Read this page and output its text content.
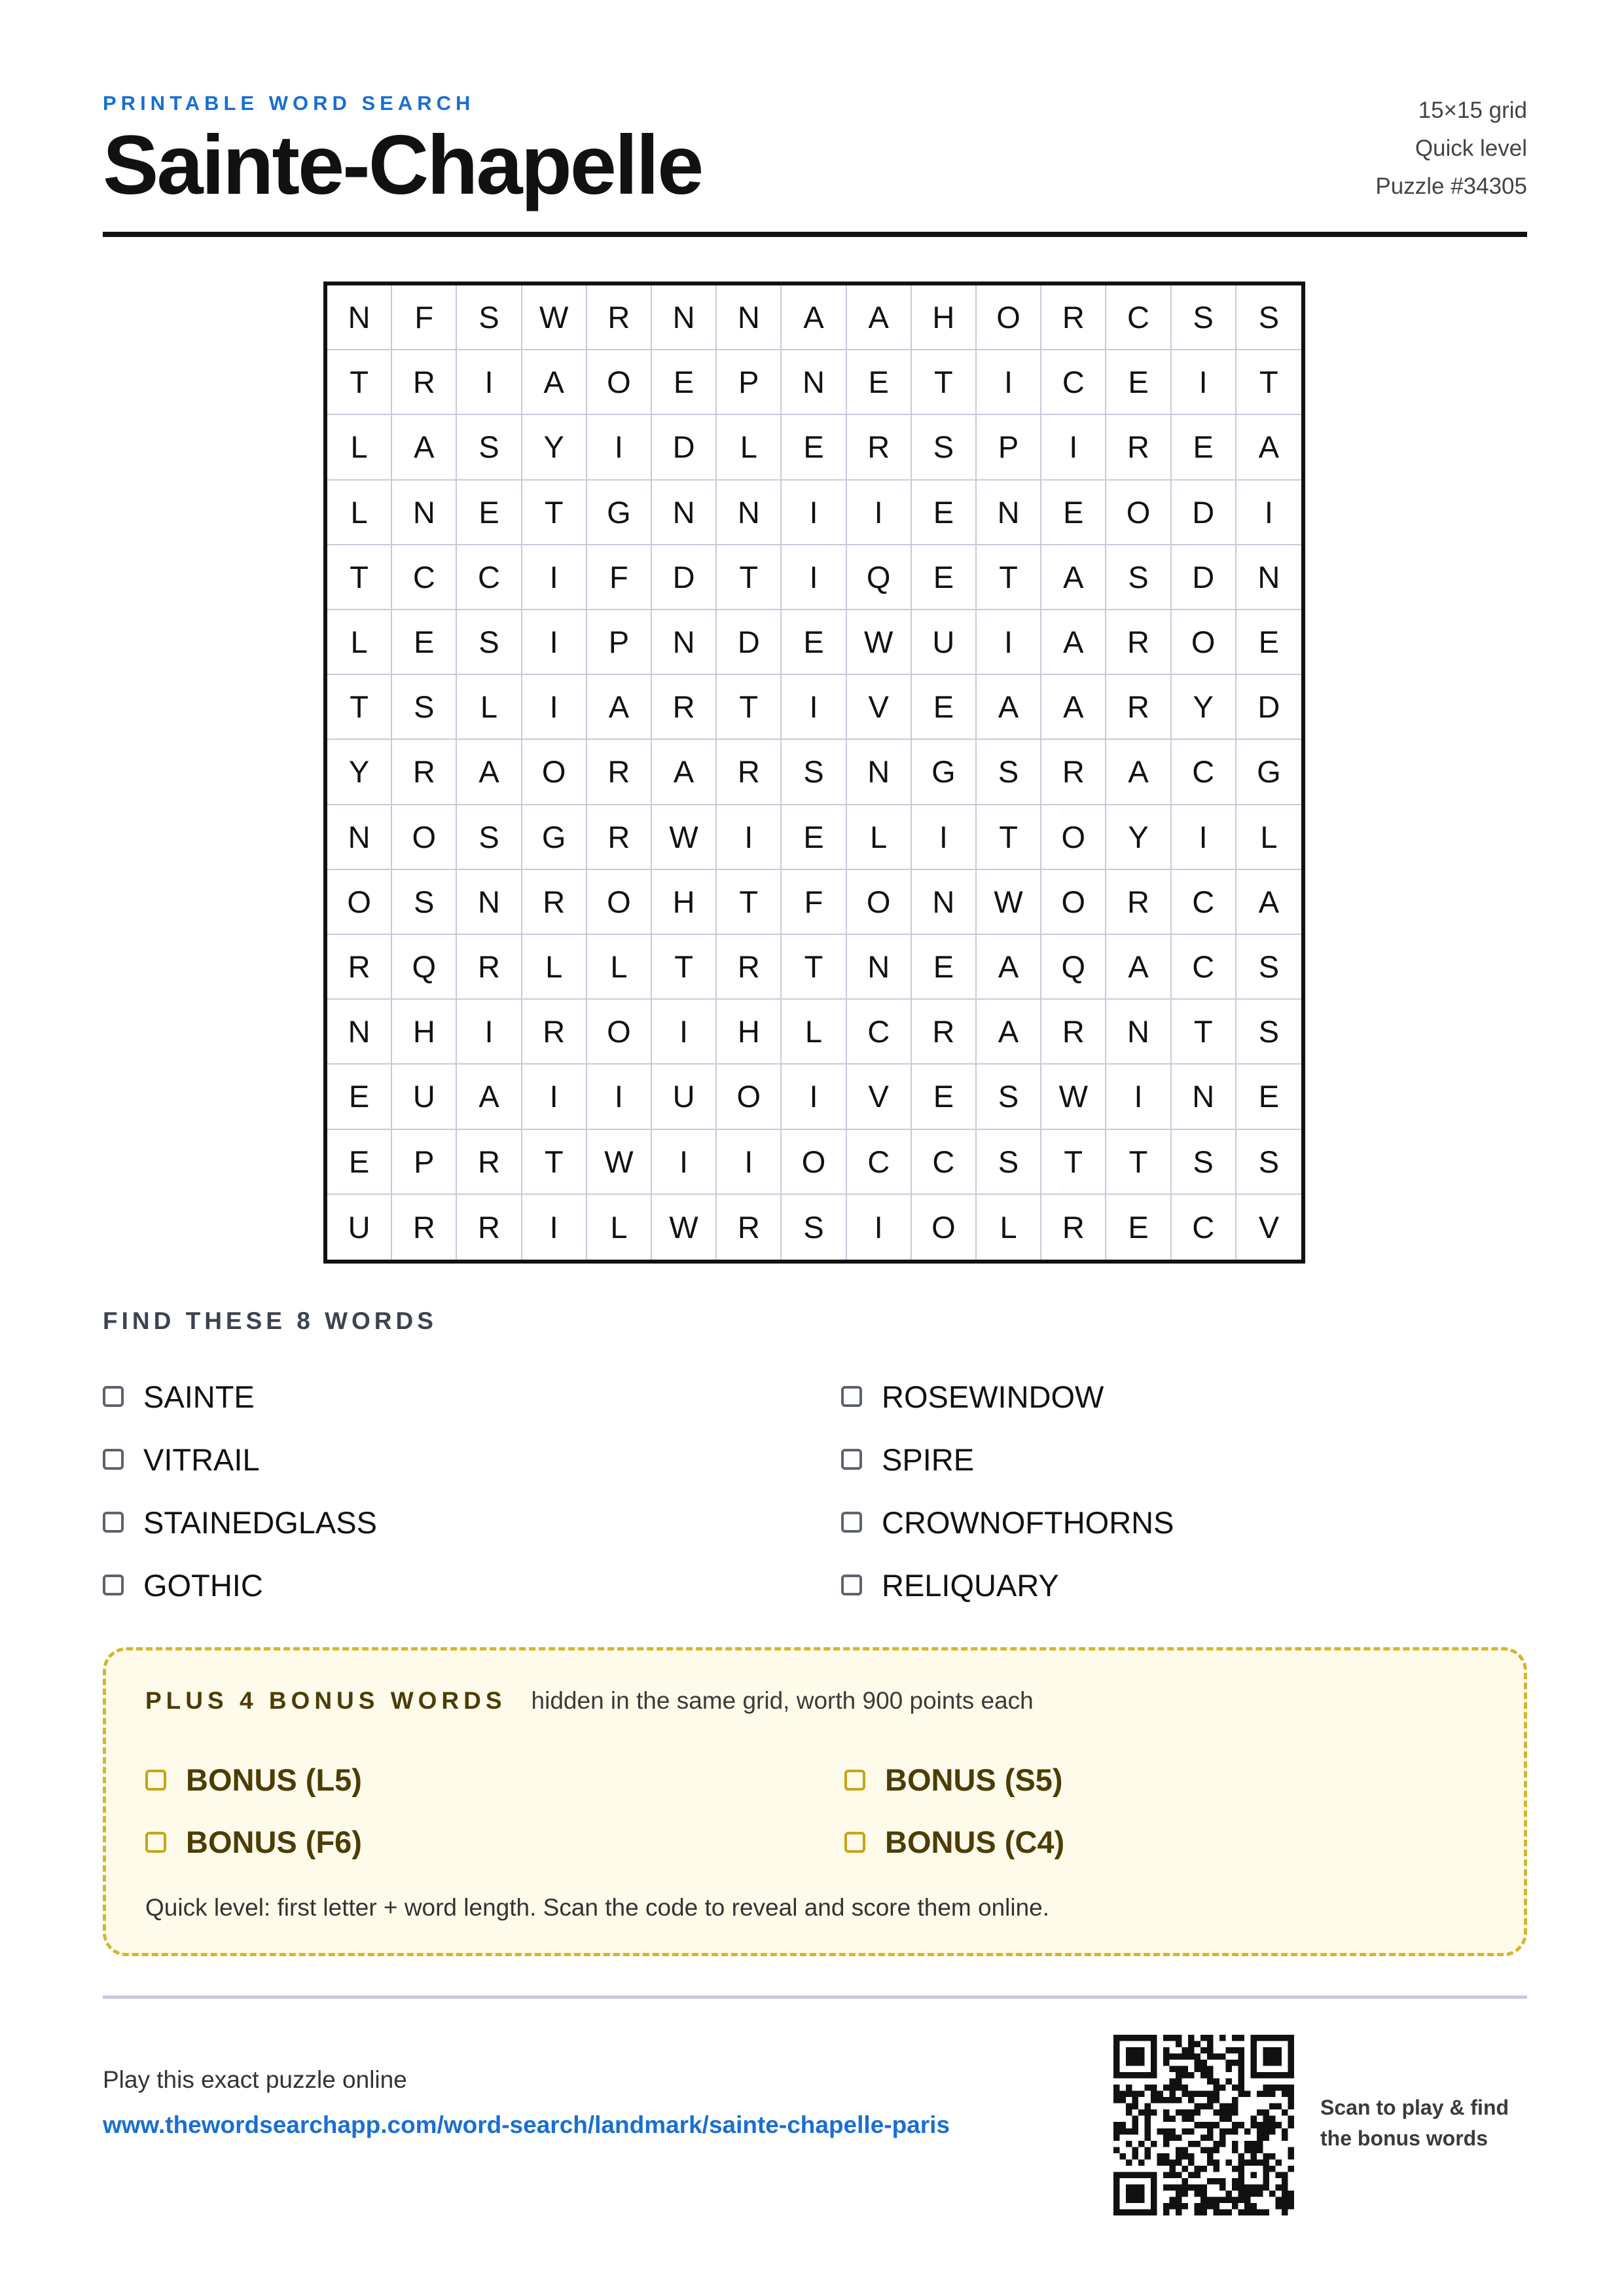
PRINTABLE WORD SEARCH
Sainte-Chapelle
15×15 grid
Quick level
Puzzle #34305
N	F	S	W	R	N	N	A	A	H	O	R	C	S	S
T	R	I	A	O	E	P	N	E	T	I	C	E	I	T
L	A	S	Y	I	D	L	E	R	S	P	I	R	E	A
L	N	E	T	G	N	N	I	I	E	N	E	O	D	I
T	C	C	I	F	D	T	I	Q	E	T	A	S	D	N
L	E	S	I	P	N	D	E	W	U	I	A	R	O	E
T	S	L	I	A	R	T	I	V	E	A	A	R	Y	D
Y	R	A	O	R	A	R	S	N	G	S	R	A	C	G
N	O	S	G	R	W	I	E	L	I	T	O	Y	I	L
O	S	N	R	O	H	T	F	O	N	W	O	R	C	A
R	Q	R	L	L	T	R	T	N	E	A	Q	A	C	S
N	H	I	R	O	I	H	L	C	R	A	R	N	T	S
E	U	A	I	I	U	O	I	V	E	S	W	I	N	E
E	P	R	T	W	I	I	O	C	C	S	T	T	S	S
U	R	R	I	L	W	R	S	I	O	L	R	E	C	V
FIND THESE 8 WORDS
SAINTE	ROSEWINDOW
VITRAIL	SPIRE
STAINEDGLASS	CROWNOFTHORNS
GOTHIC	RELIQUARY
PLUS 4 BONUS WORDS hidden in the same grid, worth 900 points each
BONUS (L5)	BONUS (S5)
BONUS (F6)	BONUS (C4)
Quick level: first letter + word length. Scan the code to reveal and score them online.
Play this exact puzzle online
www.thewordsearchapp.com/word-search/landmark/sainte-chapelle-paris
Scan to play & find the bonus words
